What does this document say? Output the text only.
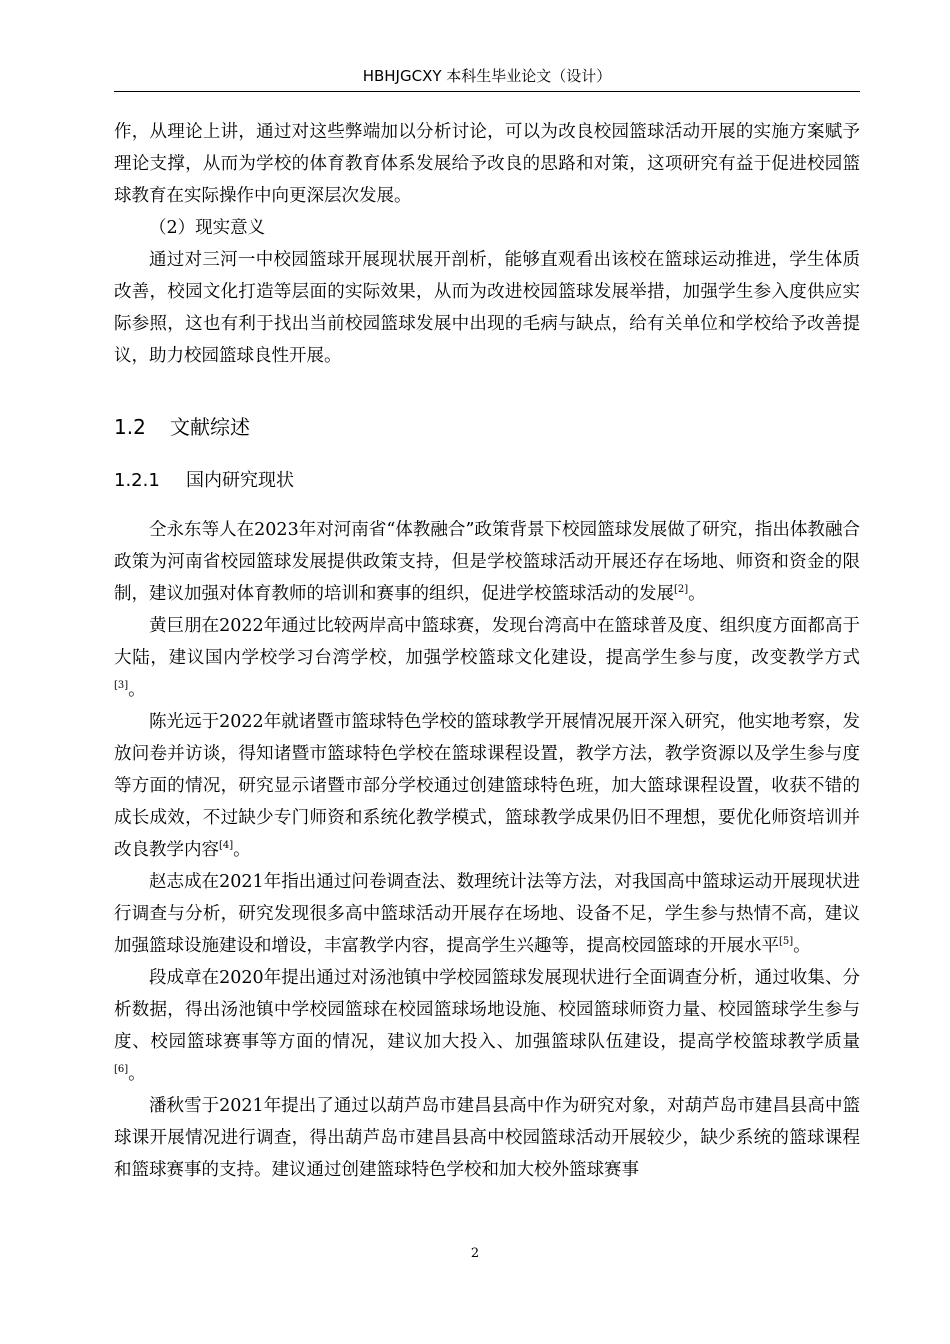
HBHJGCXY 本科生毕业论文（设计）

作，从理论上讲，通过对这些弊端加以分析讨论，可以为改良校园篮球活动开展的实施方案赋予理论支撑，从而为学校的体育教育体系发展给予改良的思路和对策，这项研究有益于促进校园篮球教育在实际操作中向更深层次发展。

（2）现实意义

通过对三河一中校园篮球开展现状展开剖析，能够直观看出该校在篮球运动推进，学生体质改善，校园文化打造等层面的实际效果，从而为改进校园篮球发展举措，加强学生参入度供应实际参照，这也有利于找出当前校园篮球发展中出现的毛病与缺点，给有关单位和学校给予改善提议，助力校园篮球良性开展。

1.2 文献综述
1.2.1 国内研究现状

仝永东等人在2023年对河南省“体教融合”政策背景下校园篮球发展做了研究，指出体教融合政策为河南省校园篮球发展提供政策支持，但是学校篮球活动开展还存在场地、师资和资金的限制，建议加强对体育教师的培训和赛事的组织，促进学校篮球活动的发展[2]。

黄巨朋在2022年通过比较两岸高中篮球赛，发现台湾高中在篮球普及度、组织度方面都高于大陆，建议国内学校学习台湾学校，加强学校篮球文化建设，提高学生参与度，改变教学方式[3]。

陈光远于2022年就诸暨市篮球特色学校的篮球教学开展情况展开深入研究，他实地考察，发放问卷并访谈，得知诸暨市篮球特色学校在篮球课程设置，教学方法，教学资源以及学生参与度等方面的情况，研究显示诸暨市部分学校通过创建篮球特色班，加大篮球课程设置，收获不错的成长成效，不过缺少专门师资和系统化教学模式，篮球教学成果仍旧不理想，要优化师资培训并改良教学内容[4]。

赵志成在2021年指出通过问卷调查法、数理统计法等方法，对我国高中篮球运动开展现状进行调查与分析，研究发现很多高中篮球活动开展存在场地、设备不足，学生参与热情不高，建议加强篮球设施建设和增设，丰富教学内容，提高学生兴趣等，提高校园篮球的开展水平[5]。

段成章在2020年提出通过对汤池镇中学校园篮球发展现状进行全面调查分析，通过收集、分析数据，得出汤池镇中学校园篮球在校园篮球场地设施、校园篮球师资力量、校园篮球学生参与度、校园篮球赛事等方面的情况，建议加大投入、加强篮球队伍建设，提高学校篮球教学质量[6]。

潘秋雪于2021年提出了通过以葫芦岛市建昌县高中作为研究对象，对葫芦岛市建昌县高中篮球课开展情况进行调查，得出葫芦岛市建昌县高中校园篮球活动开展较少，缺少系统的篮球课程和篮球赛事的支持。建议通过创建篮球特色学校和加大校外篮球赛事

2
